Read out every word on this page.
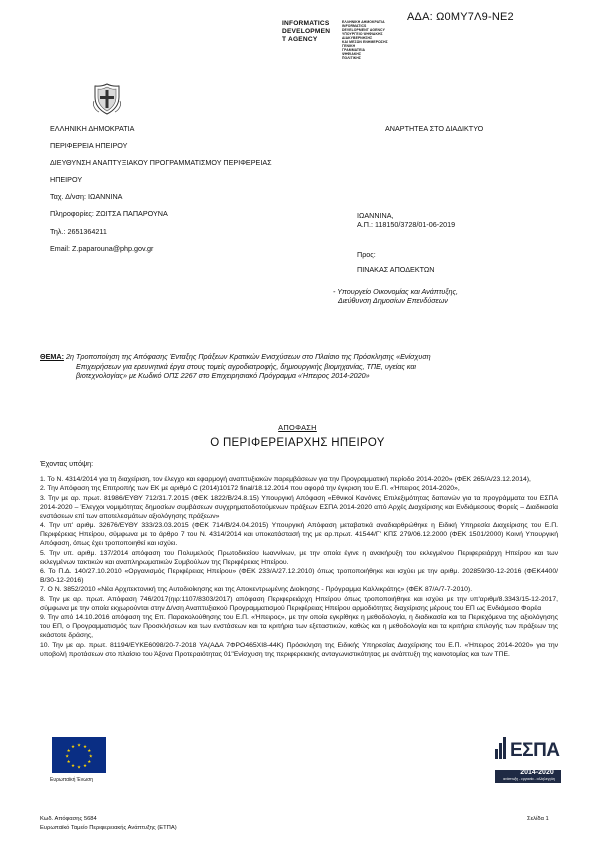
ΑΔΑ: Ω0ΜΥ7Λ9-ΝΕ2
INFORMATICS
DEVELOPMEN
T AGENCY
ΕΛΛΗΝΙΚΗ ΔΗΜΟΚΡΑΤΙΑ
INFORMATICS
DEVELOPMENT AGENCY
ΥΠΟΥΡΓΕΙΟ ΨΗΦΙΑΚΗΣ
ΔΙΑΚΥΒΕΡΝΗΣΗΣ
ΚΑΙ ΜΕΣΩΝ ΕΝΗΜΕΡΩΣΗΣ
ΓΕΝΙΚΗ
ΓΡΑΜΜΑΤΕΙΑ
ΨΗΦΙΑΚΗΣ
ΠΟΛΙΤΙΚΗΣ
ΕΛΛΗΝΙΚΗ ΔΗΜΟΚΡΑΤΙΑ
ΠΕΡΙΦΕΡΕΙΑ ΗΠΕΙΡΟΥ
ΔΙΕΥΘΥΝΣΗ ΑΝΑΠΤΥΞΙΑΚΟΥ ΠΡΟΓΡΑΜΜΑΤΙΣΜΟΥ ΠΕΡΙΦΕΡΕΙΑΣ
ΗΠΕΙΡΟΥ
Ταχ. Δ/νση: ΙΩΑΝΝΙΝΑ
Πληροφορίες: ΖΩΙΤΣΑ ΠΑΠΑΡΟΥΝΑ
Τηλ.: 2651364211
Email: Z.paparouna@php.gov.gr
ΑΝΑΡΤΗΤΕΑ ΣΤΟ ΔΙΑΔΙΚΤΥΟ
ΙΩΑΝΝΙΝΑ,
Α.Π.: 118150/3728/01-06-2019
Προς:
ΠΙΝΑΚΑΣ ΑΠΟΔΕΚΤΩΝ
- Υπουργείο Οικονομίας και Ανάπτυξης,
Διεύθυνση Δημοσίων Επενδύσεων
ΘΕΜΑ: 2η Τροποποίηση της Απόφασης Ένταξης Πράξεων Κρατικών Ενισχύσεων στο Πλαίσιο της Πρόσκλησης «Ενίσχυση
Επιχειρήσεων για ερευνητικά έργα στους τομείς αγροδιατροφής, δημιουργικής βιομηχανίας, ΤΠΕ, υγείας και
βιοτεχνολογίας» με Κωδικό ΟΠΣ 2267 στο Επιχειρησιακό Πρόγραμμα «Ήπειρος 2014-2020»
ΑΠΟΦΑΣΗ
Ο ΠΕΡΙΦΕΡΕΙΑΡΧΗΣ ΗΠΕΙΡΟΥ
Έχοντας υπόψη:
1. Το Ν. 4314/2014 για τη διαχείριση, τον έλεγχο και εφαρμογή αναπτυξιακών παρεμβάσεων για την Προγραμματική περίοδο 2014-2020» (ΦΕΚ 265/Α/23.12.2014),
2. Την Απόφαση της Επιτροπής των ΕΚ με αριθμό C (2014)10172 final/18.12.2014 που αφορά την έγκριση του Ε.Π. «Ήπειρος 2014-2020»,
3. Την με αρ. πρωτ. 81986/ΕΥΘΥ 712/31.7.2015 (ΦΕΚ 1822/Β/24.8.15) Υπουργική Απόφαση «Εθνικοί Κανόνες Επιλεξιμότητας δαπανών για τα προγράμματα του ΕΣΠΑ 2014-2020 – Έλεγχοι νομιμότητας δημοσίων συμβάσεων συγχρηματοδοτούμενων πράξεων ΕΣΠΑ 2014-2020 από Αρχές Διαχείρισης και Ενδιάμεσους Φορείς – Διαδικασία ενστάσεων επί των αποτελεσμάτων αξιολόγησης πράξεων»
4. Την υπ' αριθμ. 32676/ΕΥΘΥ 333/23.03.2015 (ΦΕΚ 714/Β/24.04.2015) Υπουργική Απόφαση μεταβατικά αναδιαρθρώθηκε η Ειδική Υπηρεσία Διαχείρισης του Ε.Π. Περιφέρειας Ηπείρου, σύμφωνα με το άρθρο 7 του Ν. 4314/2014 και υποκατάστασή της με αρ.πρωτ. 41544/Γ' ΚΠΣ 279/06.12.2000 (ΦΕΚ 1501/2000) Κοινή Υπουργική Απόφαση, όπως έχει τροποποιηθεί και ισχύει.
5. Την υπ. αριθμ. 137/2014 απόφαση του Πολυμελούς Πρωτοδικείου Ιωαννίνων, με την οποία έγινε η ανακήρυξη του εκλεγμένου Περιφερειάρχη Ηπείρου και των εκλεγμένων τακτικών και αναπληρωματικών Συμβούλων της Περιφέρειας Ηπείρου.
6. Το Π.Δ. 140/27.10.2010 «Οργανισμός Περιφέρειας Ηπείρου» (ΦΕΚ 233/Α/27.12.2010) όπως τροποποιήθηκε και ισχύει με την αριθμ. 202859/30-12-2016 (ΦΕΚ4400/Β/30-12-2016)
7. Ο Ν. 3852/2010 «Νέα Αρχιτεκτονική της Αυτοδιοίκησης και της Αποκεντρωμένης Διοίκησης - Πρόγραμμα Καλλικράτης» (ΦΕΚ 87/Α/7-7-2010).
8. Την με αρ. πρωτ. Απόφαση 746/2017(ηιρ:1107/8303/2017) απόφαση Περιφερειάρχη Ηπείρου όπως τροποποιήθηκε και ισχύει με την υπ'αριθμ/8.3343/15-12-2017, σύμφωνα με την οποία εκχωρούνται στην Δ/νση Αναπτυξιακού Προγραμματισμού Περιφέρειας Ηπείρου αρμοδιότητες διαχείρισης μέρους του ΕΠ ως Ενδιάμεσο Φορέα
9. Την από 14.10.2016 απόφαση της Επ. Παρακολούθησης του Ε.Π. «Ήπειρος», με την οποία εγκρίθηκε η μεθοδολογία, η διαδικασία και τα Περιεχόμενα της αξιολόγησης του ΕΠ, ο Προγραμματισμός των Προσκλήσεων και των ενστάσεων και τα κριτήρια των εξεταστικών, καθώς και η μεθοδολογία και τα κριτήρια επιλογής των πράξεων της εκάστοτε δράσης,
10. Την με αρ. πρωτ. 81194/ΕΥΚΕ6098/20-7-2018 ΥΑ(ΑΔΑ 7ΦΡΟ465ΧΙ8-44Κ) Πρόσκληση της Ειδικής Υπηρεσίας Διαχείρισης του Ε.Π. «Ήπειρος 2014-2020» για την υποβολή προτάσεων στο πλαίσιο του Άξονα Προτεραιότητας 01"Ενίσχυση της περιφερειακής ανταγωνιστικότητας με ανάπτυξη της καινοτομίας και των ΤΠΕ.
★ ★
★
★
★
★
★
★
★
★
★
★
Ευρωπαϊκή Ένωση
ΕΣΠΑ
2014-2020
ανάπτυξη - εργασία - αλληλεγγύη
Κωδ. Απόφασης 5684
Ευρωπαϊκό Ταμείο Περιφερειακής Ανάπτυξης (ΕΤΠΑ)
Σελίδα 1
